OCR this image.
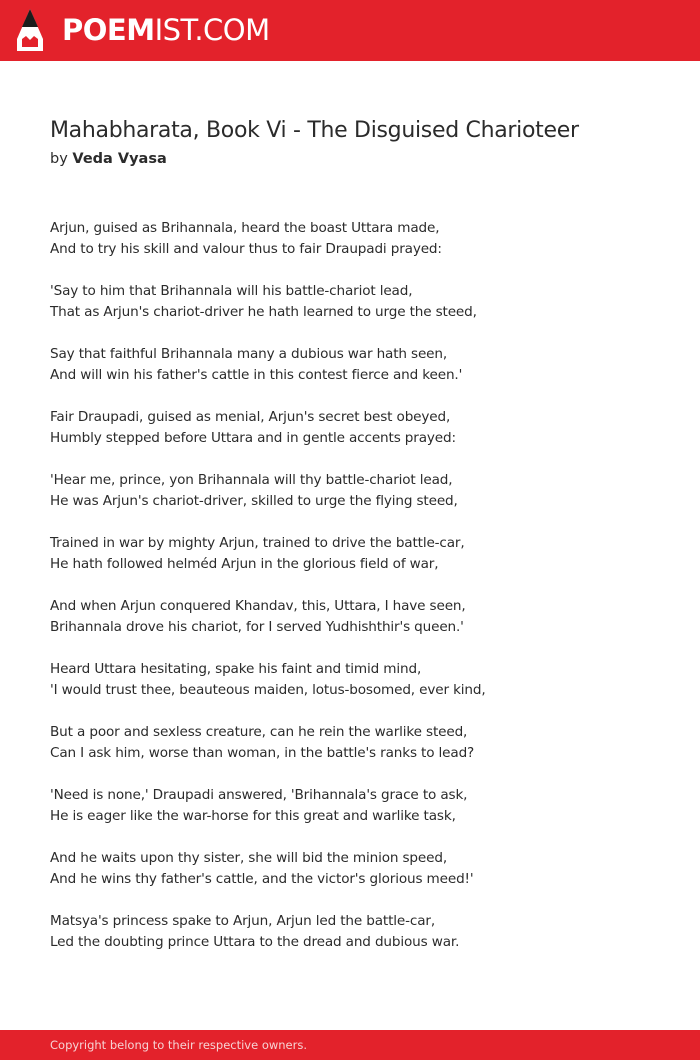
POEMIST.COM
Mahabharata, Book Vi - The Disguised Charioteer
by Veda Vyasa
Arjun, guised as Brihannala, heard the boast Uttara made,
And to try his skill and valour thus to fair Draupadi prayed:
'Say to him that Brihannala will his battle-chariot lead,
That as Arjun's chariot-driver he hath learned to urge the steed,
Say that faithful Brihannala many a dubious war hath seen,
And will win his father's cattle in this contest fierce and keen.'
Fair Draupadi, guised as menial, Arjun's secret best obeyed,
Humbly stepped before Uttara and in gentle accents prayed:
'Hear me, prince, yon Brihannala will thy battle-chariot lead,
He was Arjun's chariot-driver, skilled to urge the flying steed,
Trained in war by mighty Arjun, trained to drive the battle-car,
He hath followed helméd Arjun in the glorious field of war,
And when Arjun conquered Khandav, this, Uttara, I have seen,
Brihannala drove his chariot, for I served Yudhishthir's queen.'
Heard Uttara hesitating, spake his faint and timid mind,
'I would trust thee, beauteous maiden, lotus-bosomed, ever kind,
But a poor and sexless creature, can he rein the warlike steed,
Can I ask him, worse than woman, in the battle's ranks to lead?
'Need is none,' Draupadi answered, 'Brihannala's grace to ask,
He is eager like the war-horse for this great and warlike task,
And he waits upon thy sister, she will bid the minion speed,
And he wins thy father's cattle, and the victor's glorious meed!'
Matsya's princess spake to Arjun, Arjun led the battle-car,
Led the doubting prince Uttara to the dread and dubious war.
Copyright belong to their respective owners.
